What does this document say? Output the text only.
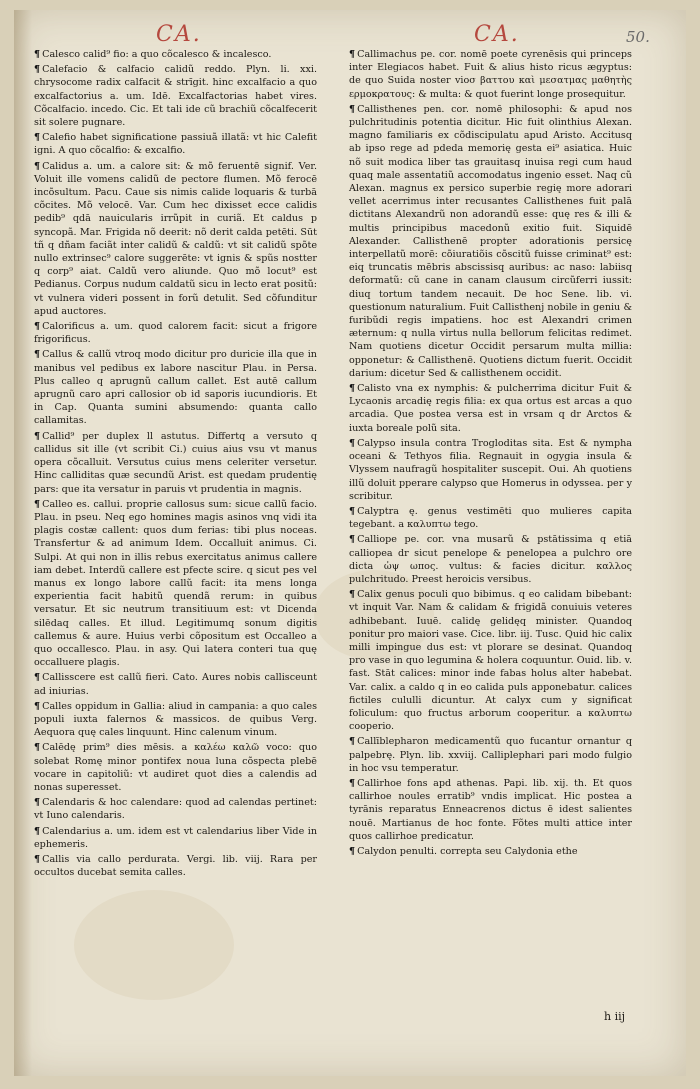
CA.	CA.	50.

¶ Calesco calid⁹ fio: a quo cõcalesco & incalesco.

¶ Calefacio & calfacio calidũ reddo. Plyn. li. xxi. chrysocome radix calfacit & strīgit. hinc excalfacio a quo excalfactorius a. um. Idē. Excalfactorias habet vires. Cõcalfacio. incedo. Cic. Et tali ide cũ brachiũ cõcalfecerit sit solere pugnare.

¶ Calefio habet significatione passiuã illatã: vt hic Calefit igni. A quo cõcalfio: & excalfio.

¶ Calidus a. um. a calore sit: & mõ feruentē signif. Ver. Voluit ille vomens calidũ de pectore flumen. Mõ ferocē incõsultum. Pacu. Caue sis nimis calide loquaris & turbā cõcites. Mõ velocē. Var. Cum hec dixisset ecce calidis pedib⁹ qdā nauicularis irrũpit in curiã. Et caldus p syncopã. Mar. Frigida nõ deerit: nõ derit calda petēti. Sūt tñ q dñam faciãt inter calidũ & caldũ: vt sit calidũ spõte nullo extrinsec⁹ calore suggerēte: vt ignis & spũs nostter q corp⁹ aiat. Caldũ vero aliunde. Quo mõ locut⁹ est Pedianus. Corpus nudum caldatũ sicu in lecto erat positũ: vt vulnera videri possent in forũ detulit. Sed cõfunditur apud auctores.

¶ Calorificus a. um. quod calorem facit: sicut a frigore frigorificus.

¶ Callus & callũ vtroq modo dicitur pro duricie illa que in manibus vel pedibus ex labore nascitur Plau. in Persa. Plus calleo q aprugnũ callum callet. Est autē callum aprugnũ caro apri callosior ob id saporis iucundioris. Et in Cap. Quanta sumini absumendo: quanta callo callamitas.

¶ Callid⁹ per duplex ll astutus. Differtq a versuto q callidus sit ille (vt scribit Ci.) cuius aius vsu vt manus opera cõcalluit. Versutus cuius mens celeriter versetur. Hinc calliditas quæ secundũ Arist. est quedam prudentię pars: que ita versatur in paruis vt prudentia in magnis.

¶ Calleo es. callui. proprie callosus sum: sicue callũ facio. Plau. in pseu. Neq ego homines magis asinos vnq vidi ita plagis costæ callent: quos dum ferias: tibi plus noceas. Transfertur & ad animum Idem. Occalluit animus. Ci. Sulpi. At qui non in illis rebus exercitatus animus callere iam debet. Interdũ callere est pfecte scire. q sicut pes vel manus ex longo labore callũ facit: ita mens longa experientia facit habitũ quendã rerum: in quibus versatur. Et sic neutrum transitiuum est: vt Dicenda silēdaq calles. Et illud. Legitimumq sonum digitis callemus & aure. Huius verbi cõpositum est Occalleo a quo occallesco. Plau. in asy. Qui latera conteri tua quę occalluere plagis.

¶ Callisscere est callũ fieri. Cato. Aures nobis callisceunt ad iniurias.

¶ Calles oppidum in Gallia: aliud in campania: a quo cales populi iuxta falernos & massicos. de quibus Verg. Aequora quę cales linquunt. Hinc calenum vinum.

¶ Calēdę prim⁹ dies mēsis. a καλέω καλῶ voco: quo solebat Romę minor pontifex noua luna cõspecta plebē vocare in capitoliũ: vt audiret quot dies a calendis ad nonas superesset.

¶ Calendaris & hoc calendare: quod ad calendas pertinet: vt Iuno calendaris.

¶ Calendarius a. um. idem est vt calendarius liber Vide in ephemeris.

¶ Callis via callo perdurata. Vergi. lib. viij. Rara per occultos ducebat semita calles.

¶ Callimachus pe. cor. nomē poete cyrenēsis qui princeps inter Elegiacos habet. Fuit & alius histo ricus ægyptus: de quo Suida noster vioσ βαττου καὶ μεσατμας μαθητὴς ερμοκρατους: & multa: & quot fuerint longe prosequitur.

¶ Callisthenes pen. cor. nomē philosophi: & apud nos pulchritudinis potentia dicitur. Hic fuit olinthius Alexan. magno familiaris ex cõdiscipulatu apud Aristo. Accitusq ab ipso rege ad pdeda memorię gesta ei⁹ asiatica. Huic nõ suit modica liber tas grauitasq inuisa regi cum haud quaq male assentatiũ accomodatus ingenio esset. Naq cũ Alexan. magnus ex persico superbie regię more adorari vellet acerrimus inter recusantes Callisthenes fuit palā dictitans Alexandrũ non adorandũ esse: quę res & illi & multis principibus macedonũ exitio fuit. Siquidē Alexander. Callisthenē propter adorationis persicę interpellatũ morē: cõiuratiõis cõscitũ fuisse criminat⁹ est: eiq truncatis mēbris abscissisq auribus: ac naso: labiisq deformatũ: cũ cane in canam clausum circũferri iussit: diuq tortum tandem necauit. De hoc Sene. lib. vi. questionum naturalium. Fuit Callisthenj nobile in geniu & furibũdi regis impatiens. hoc est Alexandri crimen æternum: q nulla virtus nulla bellorum felicitas redimet. Nam quotiens dicetur Occidit persarum multa millia: opponetur: & Callisthenē. Quotiens dictum fuerit. Occidit darium: dicetur Sed & callisthenem occidit.

¶ Calisto vna ex nymphis: & pulcherrima dicitur Fuit & Lycaonis arcadię regis filia: ex qua ortus est arcas a quo arcadia. Que postea versa est in vrsam q dr Arctos & iuxta boreale polũ sita.

¶ Calypso insula contra Trogloditas sita. Est & nympha oceani & Tethyos filia. Regnauit in ogygia insula & Vlyssem naufragũ hospitaliter suscepit. Oui. Ah quotiens illũ doluit pperare calypso que Homerus in odyssea. per y scribitur.

¶ Calyptra ę. genus vestimēti quo mulieres capita tegebant. a καλυπτω tego.

¶ Calliope pe. cor. vna musarũ & pstātissima q etiā calliopea dr sicut penelope & penelopea a pulchro ore dicta ὠψ ωπος. vultus: & facies dicitur. καλλος pulchritudo. Preest heroicis versibus.

¶ Calix genus poculi quo bibimus. q eo calidam bibebant: vt inquit Var. Nam & calidam & frigidã conuiuis veteres adhibebant. Iuuē. calidę gelidęq minister. Quandoq ponitur pro maiori vase. Cice. libr. iij. Tusc. Quid hic calix milli impingue dus est: vt plorare se desinat. Quandoq pro vase in quo legumina & holera coquuntur. Ouid. lib. v. fast. Stāt calices: minor inde fabas holus alter habebat. Var. calix. a caldo q in eo calida puls apponebatur. calices fictiles cululli dicuntur. At calyx cum y significat foliculum: quo fructus arborum cooperitur. a καλυπτω cooperio.

¶ Callīblepharon medicamentũ quo fucantur ornantur q palpebrę. Plyn. lib. xxviij. Calliplephari pari modo fulgio in hoc vsu temperatur.

¶ Callirhoe fons apd athenas. Papi. lib. xij. th. Et quos callirhoe noules erratib⁹ vndis implicat. Hic postea a tyrānis reparatus Enneacrenos dictus ē idest salientes nouē. Martianus de hoc fonte. Fõtes multi attice inter quos callirhoe predicatur.

¶ Calydon penulti. correpta seu Calydonia ethe

h iij
